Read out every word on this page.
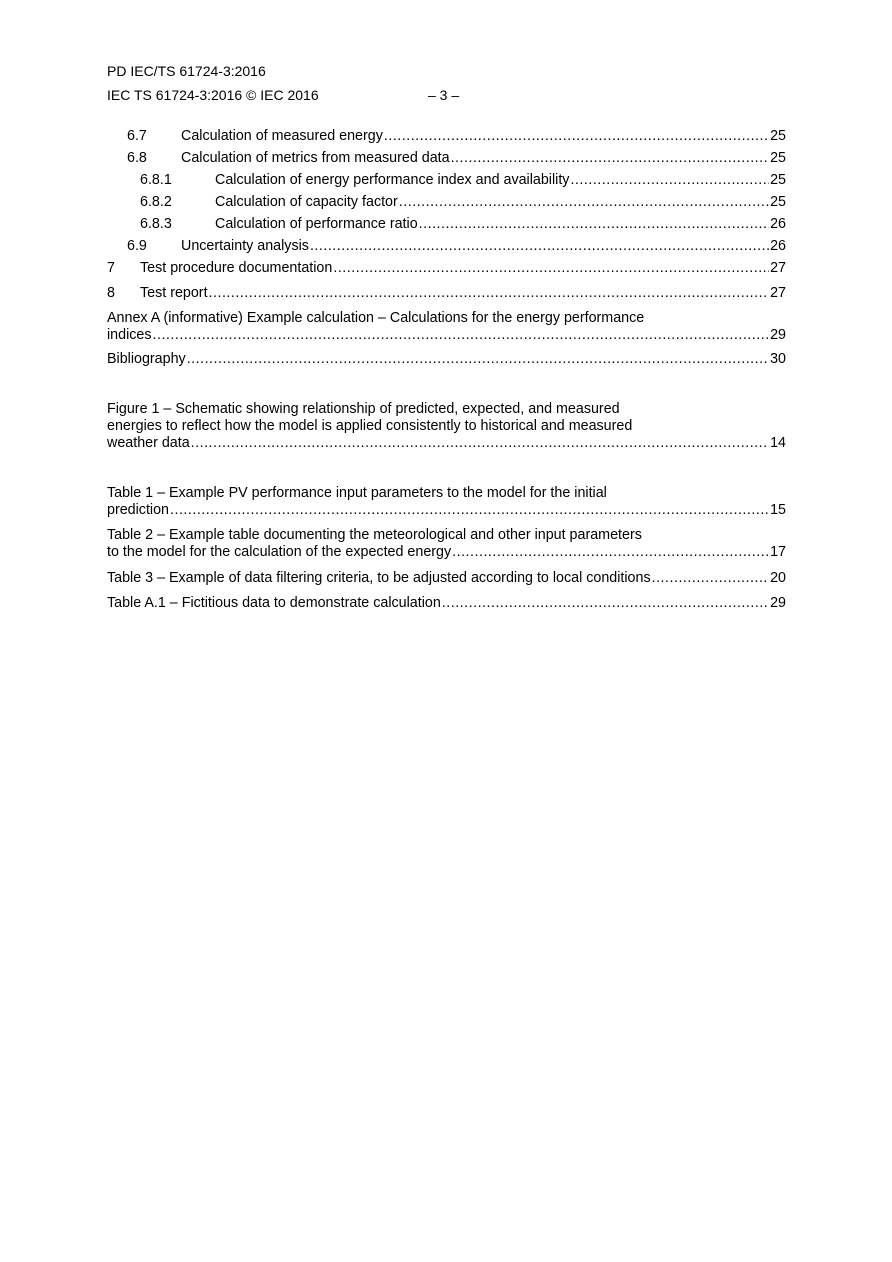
PD IEC/TS 61724-3:2016
IEC TS 61724-3:2016 © IEC 2016	– 3 –
6.7	Calculation of measured energy .....	25
6.8	Calculation of metrics from measured data .....	25
6.8.1	Calculation of energy performance index and availability .....	25
6.8.2	Calculation of capacity factor .....	25
6.8.3	Calculation of performance ratio .....	26
6.9	Uncertainty analysis .....	26
7	Test procedure documentation .....	27
8	Test report .....	27
Annex A (informative) Example calculation – Calculations for the energy performance
indices .....	29
Bibliography .....	30
Figure 1 – Schematic showing relationship of predicted, expected, and measured
energies to reflect how the model is applied consistently to historical and measured
weather data .....	14
Table 1 – Example PV performance input parameters to the model for the initial
prediction .....	15
Table 2 – Example table documenting the meteorological and other input parameters
to the model for the calculation of the expected energy .....	17
Table 3 – Example of data filtering criteria, to be adjusted according to local conditions .....	20
Table A.1 – Fictitious data to demonstrate calculation .....	29
